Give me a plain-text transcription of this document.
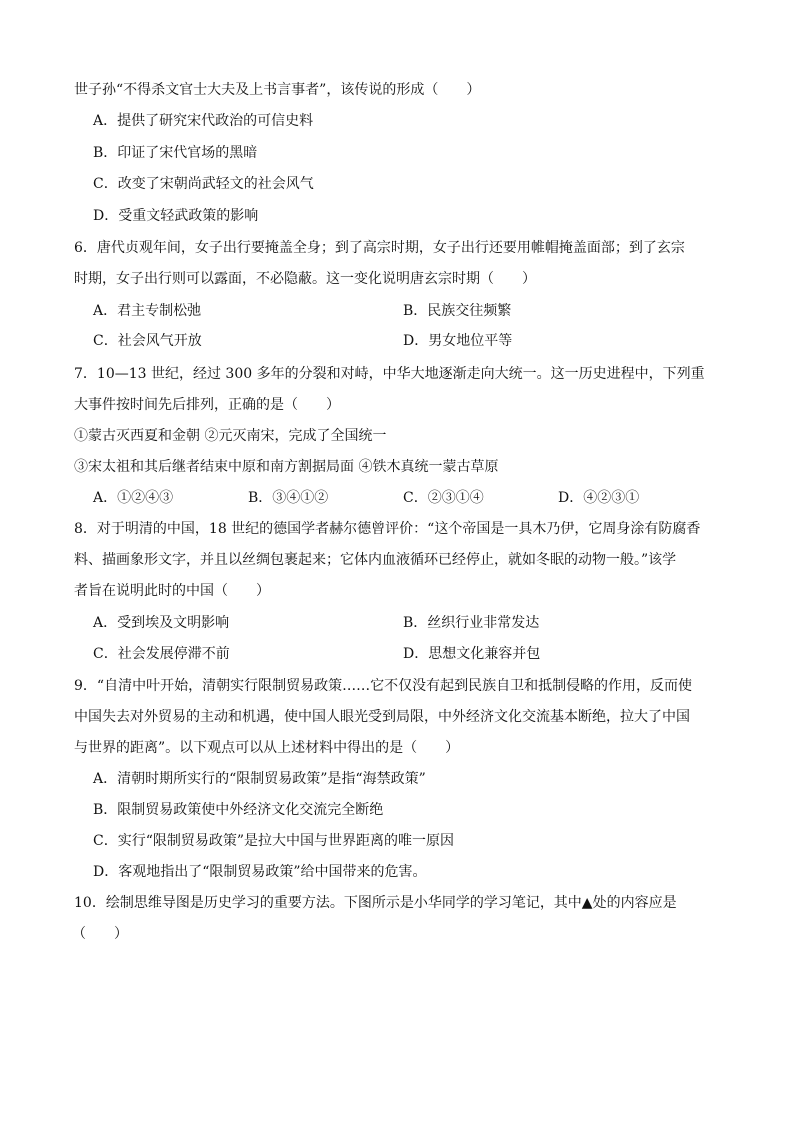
世子孙“不得杀文官士大夫及上书言事者”，该传说的形成（　　）
A．提供了研究宋代政治的可信史料
B．印证了宋代官场的黑暗
C．改变了宋朝尚武轻文的社会风气
D．受重文轻武政策的影响
6．唐代贞观年间，女子出行要掩盖全身；到了高宗时期，女子出行还要用帷帽掩盖面部；到了玄宗
时期，女子出行则可以露面，不必隐蔽。这一变化说明唐玄宗时期（　　）
A．君主专制松弛	B．民族交往频繁
C．社会风气开放	D．男女地位平等
7．10—13 世纪，经过 300 多年的分裂和对峙，中华大地逐渐走向大统一。这一历史进程中，下列重
大事件按时间先后排列，正确的是（　　）
①蒙古灭西夏和金朝 ②元灭南宋，完成了全国统一
③宋太祖和其后继者结束中原和南方割据局面 ④铁木真统一蒙古草原
A．①②④③	B．③④①②	C．②③①④	D．④②③①
8．对于明清的中国，18 世纪的德国学者赫尔德曾评价：“这个帝国是一具木乃伊，它周身涂有防腐香
料、描画象形文字，并且以丝绸包裹起来；它体内血液循环已经停止，就如冬眠的动物一般。”该学
者旨在说明此时的中国（　　）
A．受到埃及文明影响	B．丝织行业非常发达
C．社会发展停滞不前	D．思想文化兼容并包
9．“自清中叶开始，清朝实行限制贸易政策……它不仅没有起到民族自卫和抵制侵略的作用，反而使
中国失去对外贸易的主动和机遇，使中国人眼光受到局限，中外经济文化交流基本断绝，拉大了中国
与世界的距离”。以下观点可以从上述材料中得出的是（　　）
A．清朝时期所实行的“限制贸易政策”是指“海禁政策”
B．限制贸易政策使中外经济文化交流完全断绝
C．实行“限制贸易政策”是拉大中国与世界距离的唯一原因
D．客观地指出了“限制贸易政策”给中国带来的危害。
10．绘制思维导图是历史学习的重要方法。下图所示是小华同学的学习笔记，其中▲处的内容应是
（　　）
